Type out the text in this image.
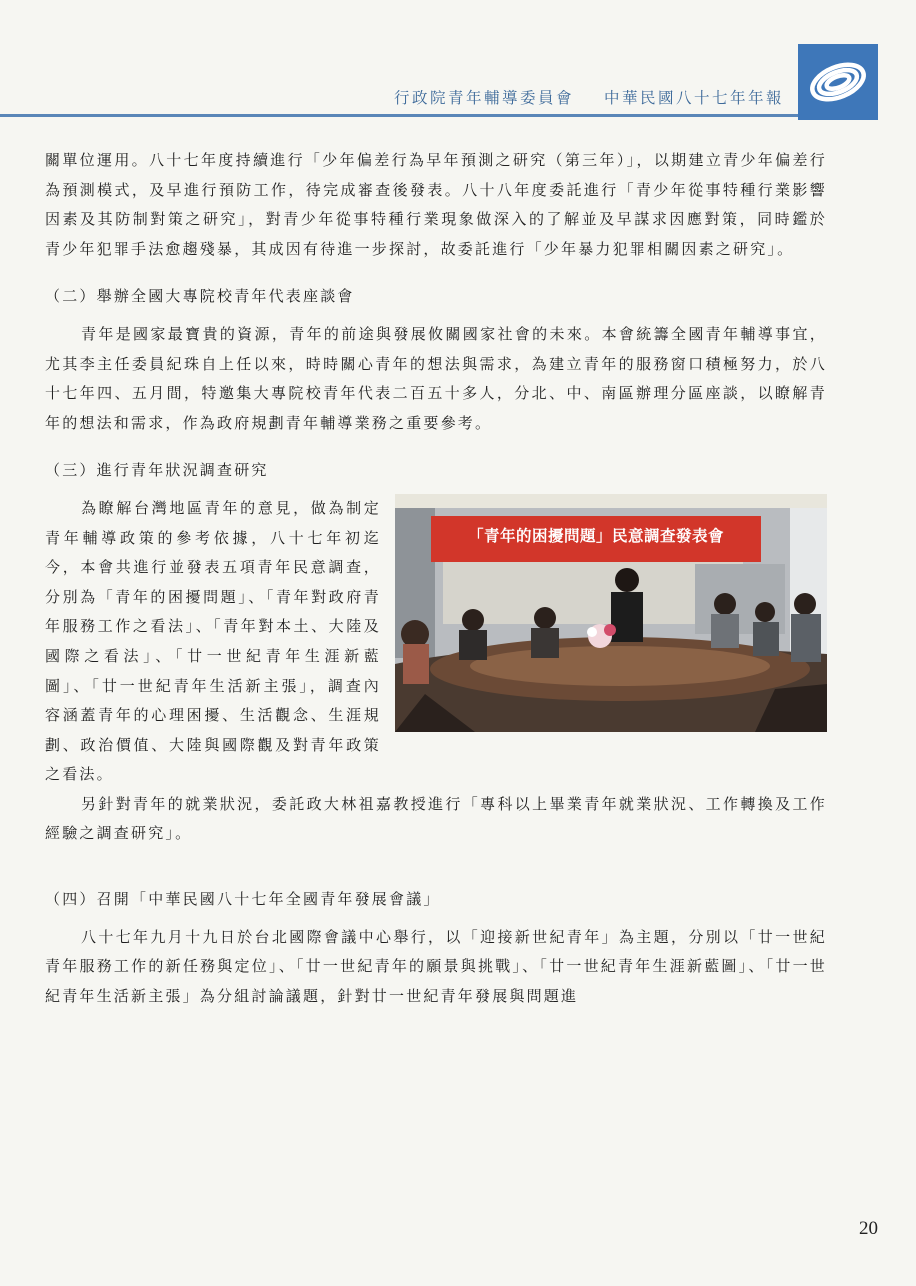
行政院青年輔導委員會 中華民國八十七年年報

關單位運用。八十七年度持續進行「少年偏差行為早年預測之研究（第三年）」，以期建立青少年偏差行為預測模式，及早進行預防工作，待完成審查後發表。八十八年度委託進行「青少年從事特種行業影響因素及其防制對策之研究」，對青少年從事特種行業現象做深入的了解並及早謀求因應對策，同時鑑於青少年犯罪手法愈趨殘暴，其成因有待進一步探討，故委託進行「少年暴力犯罪相關因素之研究」。

（二）舉辦全國大專院校青年代表座談會

青年是國家最寶貴的資源，青年的前途與發展攸關國家社會的未來。本會統籌全國青年輔導事宜，尤其李主任委員紀珠自上任以來，時時關心青年的想法與需求，為建立青年的服務窗口積極努力，於八十七年四、五月間，特邀集大專院校青年代表二百五十多人，分北、中、南區辦理分區座談，以瞭解青年的想法和需求，作為政府規劃青年輔導業務之重要參考。

（三）進行青年狀況調查研究

「青年的困擾問題」民意調查發表會

為瞭解台灣地區青年的意見，做為制定青年輔導政策的參考依據，八十七年初迄今，本會共進行並發表五項青年民意調查，分別為「青年的困擾問題」、「青年對政府青年服務工作之看法」、「青年對本土、大陸及國際之看法」、「廿一世紀青年生涯新藍圖」、「廿一世紀青年生活新主張」，調查內容涵蓋青年的心理困擾、生活觀念、生涯規劃、政治價值、大陸與國際觀及對青年政策之看法。

另針對青年的就業狀況，委託政大林祖嘉教授進行「專科以上畢業青年就業狀況、工作轉換及工作經驗之調查研究」。

（四）召開「中華民國八十七年全國青年發展會議」

八十七年九月十九日於台北國際會議中心舉行，以「迎接新世紀青年」為主題，分別以「廿一世紀青年服務工作的新任務與定位」、「廿一世紀青年的願景與挑戰」、「廿一世紀青年生涯新藍圖」、「廿一世紀青年生活新主張」為分組討論議題，針對廿一世紀青年發展與問題進

20
